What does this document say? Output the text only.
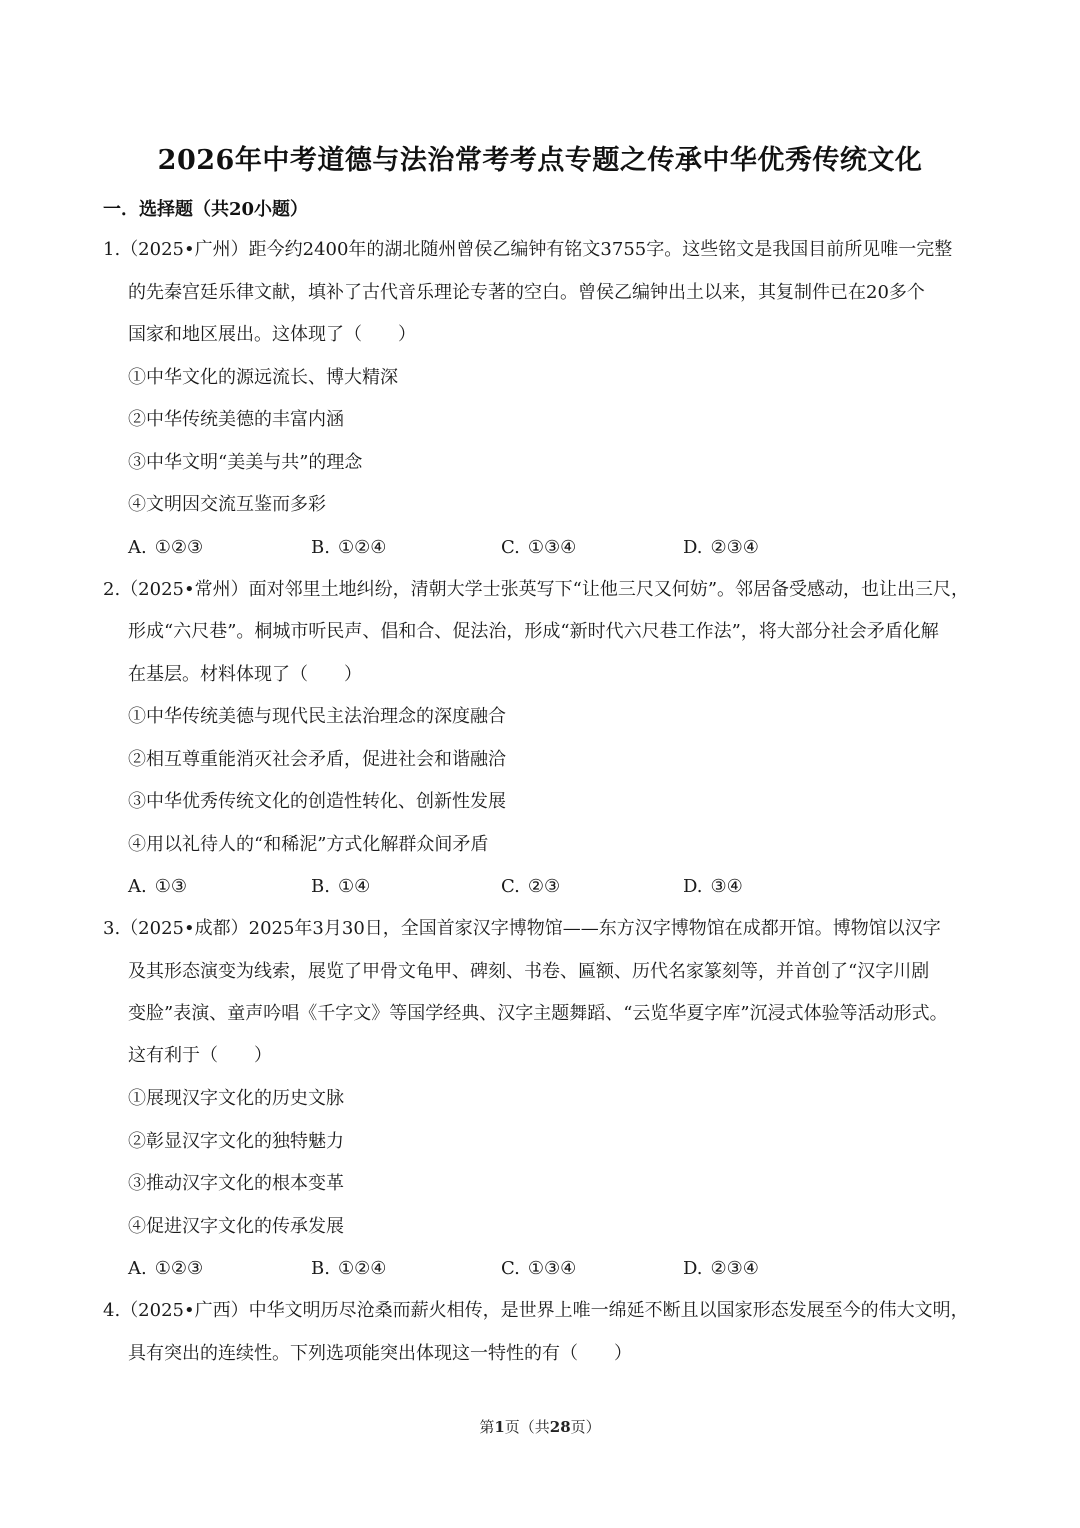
2026年中考道德与法治常考考点专题之传承中华优秀传统文化
一．选择题（共20小题）
1.（2025•广州）距今约2400年的湖北随州曾侯乙编钟有铭文3755字。这些铭文是我国目前所见唯一完整
的先秦宫廷乐律文献，填补了古代音乐理论专著的空白。曾侯乙编钟出土以来，其复制件已在20多个
国家和地区展出。这体现了（　　）
①中华文化的源远流长、博大精深
②中华传统美德的丰富内涵
③中华文明“美美与共”的理念
④文明因交流互鉴而多彩
A. ①②③	B. ①②④	C. ①③④	D. ②③④
2.（2025•常州）面对邻里土地纠纷，清朝大学士张英写下“让他三尺又何妨”。邻居备受感动，也让出三尺，
形成“六尺巷”。桐城市听民声、倡和合、促法治，形成“新时代六尺巷工作法”，将大部分社会矛盾化解
在基层。材料体现了（　　）
①中华传统美德与现代民主法治理念的深度融合
②相互尊重能消灭社会矛盾，促进社会和谐融洽
③中华优秀传统文化的创造性转化、创新性发展
④用以礼待人的“和稀泥”方式化解群众间矛盾
A. ①③	B. ①④	C. ②③	D. ③④
3.（2025•成都）2025年3月30日，全国首家汉字博物馆——东方汉字博物馆在成都开馆。博物馆以汉字
及其形态演变为线索，展览了甲骨文龟甲、碑刻、书卷、匾额、历代名家篆刻等，并首创了“汉字川剧
变脸”表演、童声吟唱《千字文》等国学经典、汉字主题舞蹈、“云览华夏字库”沉浸式体验等活动形式。
这有利于（　　）
①展现汉字文化的历史文脉
②彰显汉字文化的独特魅力
③推动汉字文化的根本变革
④促进汉字文化的传承发展
A. ①②③	B. ①②④	C. ①③④	D. ②③④
4.（2025•广西）中华文明历尽沧桑而薪火相传，是世界上唯一绵延不断且以国家形态发展至今的伟大文明，
具有突出的连续性。下列选项能突出体现这一特性的有（　　）
第1页（共28页）
